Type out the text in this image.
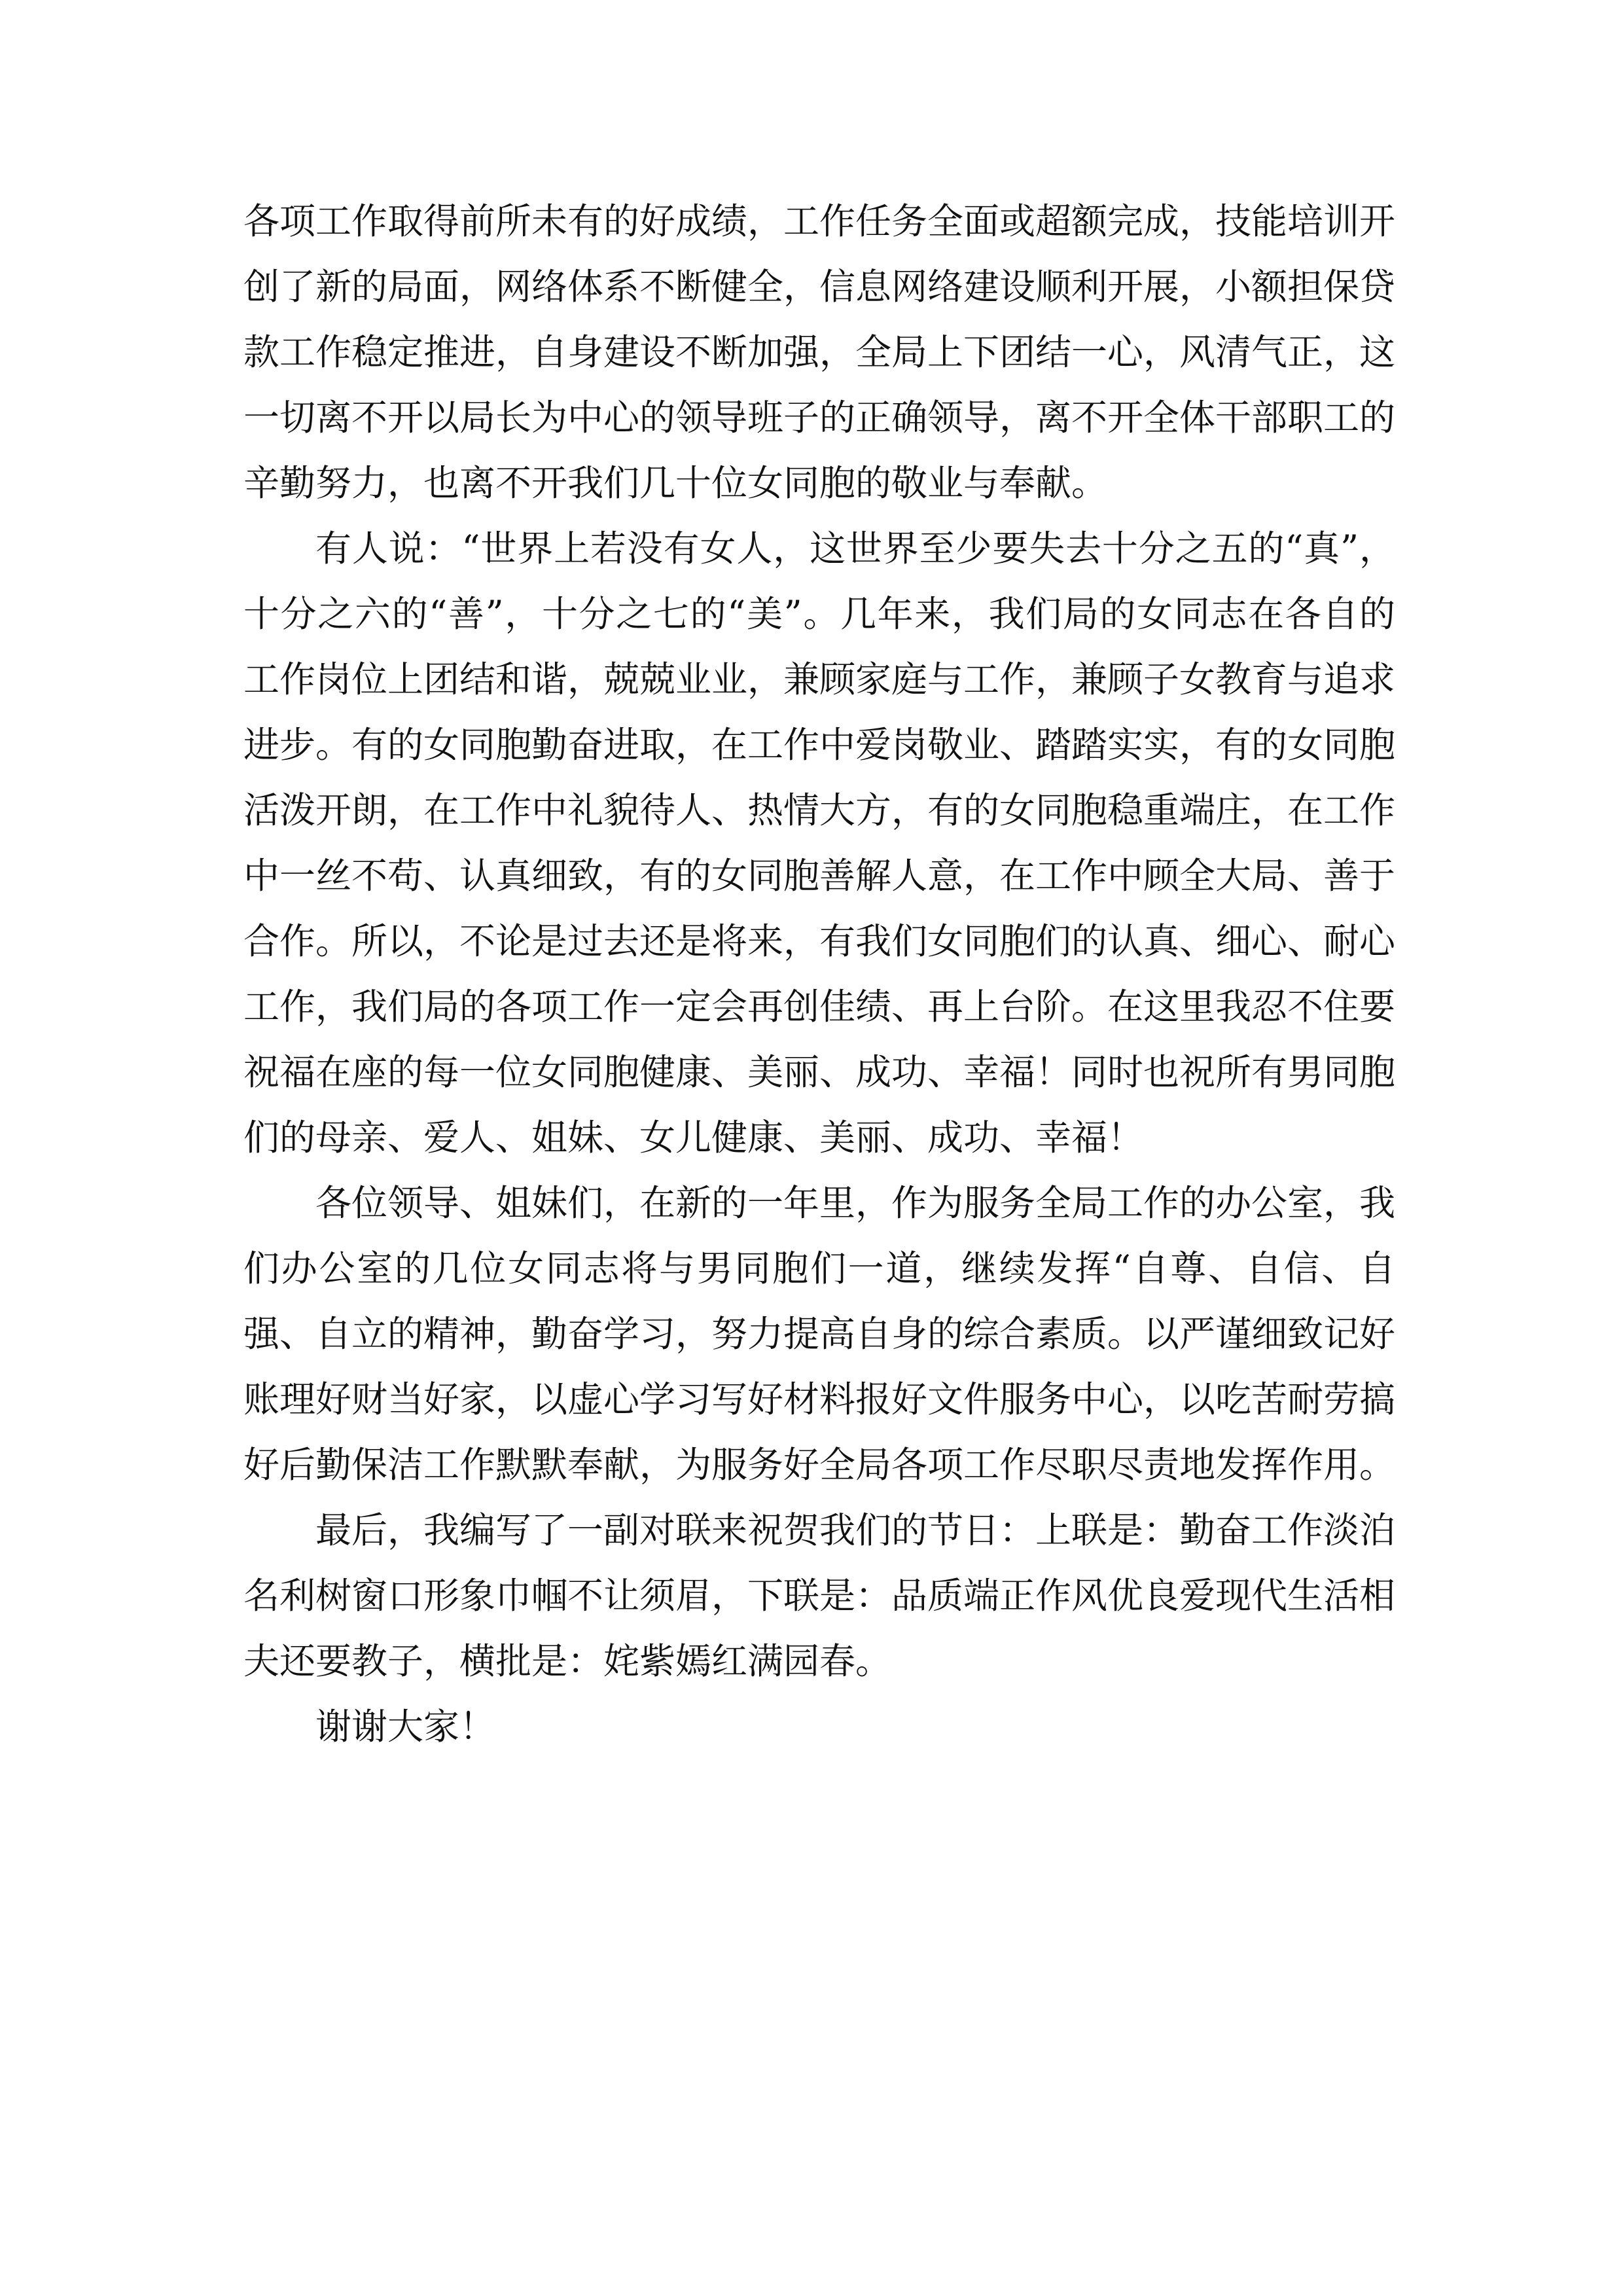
各项工作取得前所未有的好成绩，工作任务全面或超额完成，技能培训开创了新的局面，网络体系不断健全，信息网络建设顺利开展，小额担保贷款工作稳定推进，自身建设不断加强，全局上下团结一心，风清气正，这一切离不开以局长为中心的领导班子的正确领导，离不开全体干部职工的辛勤努力，也离不开我们几十位女同胞的敬业与奉献。

有人说：“世界上若没有女人，这世界至少要失去十分之五的“真”，十分之六的“善”，十分之七的“美”。几年来，我们局的女同志在各自的工作岗位上团结和谐，兢兢业业，兼顾家庭与工作，兼顾子女教育与追求进步。有的女同胞勤奋进取，在工作中爱岗敬业、踏踏实实，有的女同胞活泼开朗，在工作中礼貌待人、热情大方，有的女同胞稳重端庄，在工作中一丝不苟、认真细致，有的女同胞善解人意，在工作中顾全大局、善于合作。所以，不论是过去还是将来，有我们女同胞们的认真、细心、耐心工作，我们局的各项工作一定会再创佳绩、再上台阶。在这里我忍不住要祝福在座的每一位女同胞健康、美丽、成功、幸福！同时也祝所有男同胞们的母亲、爱人、姐妹、女儿健康、美丽、成功、幸福！

各位领导、姐妹们，在新的一年里，作为服务全局工作的办公室，我们办公室的几位女同志将与男同胞们一道，继续发挥“自尊、自信、自强、自立的精神，勤奋学习，努力提高自身的综合素质。以严谨细致记好账理好财当好家，以虚心学习写好材料报好文件服务中心，以吃苦耐劳搞好后勤保洁工作默默奉献，为服务好全局各项工作尽职尽责地发挥作用。

最后，我编写了一副对联来祝贺我们的节日：上联是：勤奋工作淡泊名利树窗口形象巾帼不让须眉，下联是：品质端正作风优良爱现代生活相夫还要教子，横批是：姹紫嫣红满园春。

谢谢大家！
